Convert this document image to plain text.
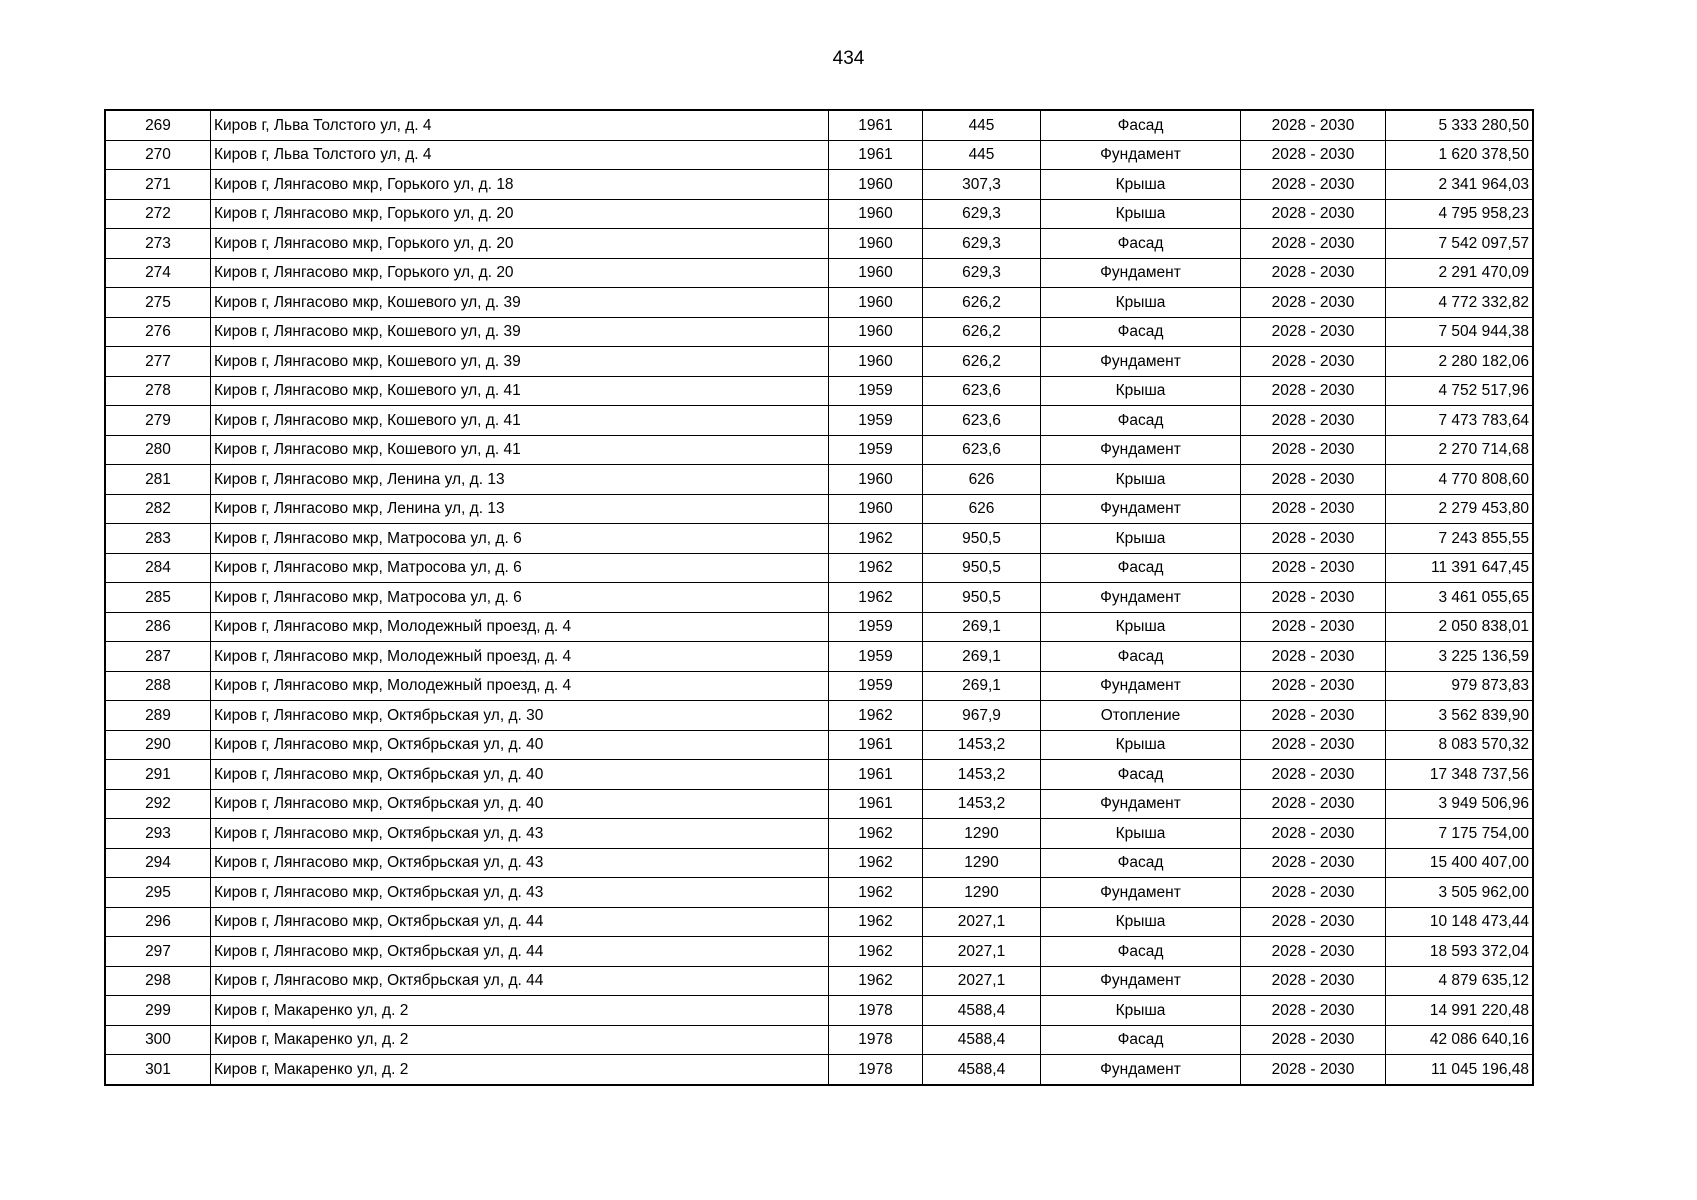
434
269	Киров г, Льва Толстого ул, д. 4	1961	445	Фасад	2028 - 2030	5 333 280,50
270	Киров г, Льва Толстого ул, д. 4	1961	445	Фундамент	2028 - 2030	1 620 378,50
271	Киров г, Лянгасово мкр, Горького ул, д. 18	1960	307,3	Крыша	2028 - 2030	2 341 964,03
272	Киров г, Лянгасово мкр, Горького ул, д. 20	1960	629,3	Крыша	2028 - 2030	4 795 958,23
273	Киров г, Лянгасово мкр, Горького ул, д. 20	1960	629,3	Фасад	2028 - 2030	7 542 097,57
274	Киров г, Лянгасово мкр, Горького ул, д. 20	1960	629,3	Фундамент	2028 - 2030	2 291 470,09
275	Киров г, Лянгасово мкр, Кошевого ул, д. 39	1960	626,2	Крыша	2028 - 2030	4 772 332,82
276	Киров г, Лянгасово мкр, Кошевого ул, д. 39	1960	626,2	Фасад	2028 - 2030	7 504 944,38
277	Киров г, Лянгасово мкр, Кошевого ул, д. 39	1960	626,2	Фундамент	2028 - 2030	2 280 182,06
278	Киров г, Лянгасово мкр, Кошевого ул, д. 41	1959	623,6	Крыша	2028 - 2030	4 752 517,96
279	Киров г, Лянгасово мкр, Кошевого ул, д. 41	1959	623,6	Фасад	2028 - 2030	7 473 783,64
280	Киров г, Лянгасово мкр, Кошевого ул, д. 41	1959	623,6	Фундамент	2028 - 2030	2 270 714,68
281	Киров г, Лянгасово мкр, Ленина ул, д. 13	1960	626	Крыша	2028 - 2030	4 770 808,60
282	Киров г, Лянгасово мкр, Ленина ул, д. 13	1960	626	Фундамент	2028 - 2030	2 279 453,80
283	Киров г, Лянгасово мкр, Матросова ул, д. 6	1962	950,5	Крыша	2028 - 2030	7 243 855,55
284	Киров г, Лянгасово мкр, Матросова ул, д. 6	1962	950,5	Фасад	2028 - 2030	11 391 647,45
285	Киров г, Лянгасово мкр, Матросова ул, д. 6	1962	950,5	Фундамент	2028 - 2030	3 461 055,65
286	Киров г, Лянгасово мкр, Молодежный проезд, д. 4	1959	269,1	Крыша	2028 - 2030	2 050 838,01
287	Киров г, Лянгасово мкр, Молодежный проезд, д. 4	1959	269,1	Фасад	2028 - 2030	3 225 136,59
288	Киров г, Лянгасово мкр, Молодежный проезд, д. 4	1959	269,1	Фундамент	2028 - 2030	979 873,83
289	Киров г, Лянгасово мкр, Октябрьская ул, д. 30	1962	967,9	Отопление	2028 - 2030	3 562 839,90
290	Киров г, Лянгасово мкр, Октябрьская ул, д. 40	1961	1453,2	Крыша	2028 - 2030	8 083 570,32
291	Киров г, Лянгасово мкр, Октябрьская ул, д. 40	1961	1453,2	Фасад	2028 - 2030	17 348 737,56
292	Киров г, Лянгасово мкр, Октябрьская ул, д. 40	1961	1453,2	Фундамент	2028 - 2030	3 949 506,96
293	Киров г, Лянгасово мкр, Октябрьская ул, д. 43	1962	1290	Крыша	2028 - 2030	7 175 754,00
294	Киров г, Лянгасово мкр, Октябрьская ул, д. 43	1962	1290	Фасад	2028 - 2030	15 400 407,00
295	Киров г, Лянгасово мкр, Октябрьская ул, д. 43	1962	1290	Фундамент	2028 - 2030	3 505 962,00
296	Киров г, Лянгасово мкр, Октябрьская ул, д. 44	1962	2027,1	Крыша	2028 - 2030	10 148 473,44
297	Киров г, Лянгасово мкр, Октябрьская ул, д. 44	1962	2027,1	Фасад	2028 - 2030	18 593 372,04
298	Киров г, Лянгасово мкр, Октябрьская ул, д. 44	1962	2027,1	Фундамент	2028 - 2030	4 879 635,12
299	Киров г, Макаренко ул, д. 2	1978	4588,4	Крыша	2028 - 2030	14 991 220,48
300	Киров г, Макаренко ул, д. 2	1978	4588,4	Фасад	2028 - 2030	42 086 640,16
301	Киров г, Макаренко ул, д. 2	1978	4588,4	Фундамент	2028 - 2030	11 045 196,48
